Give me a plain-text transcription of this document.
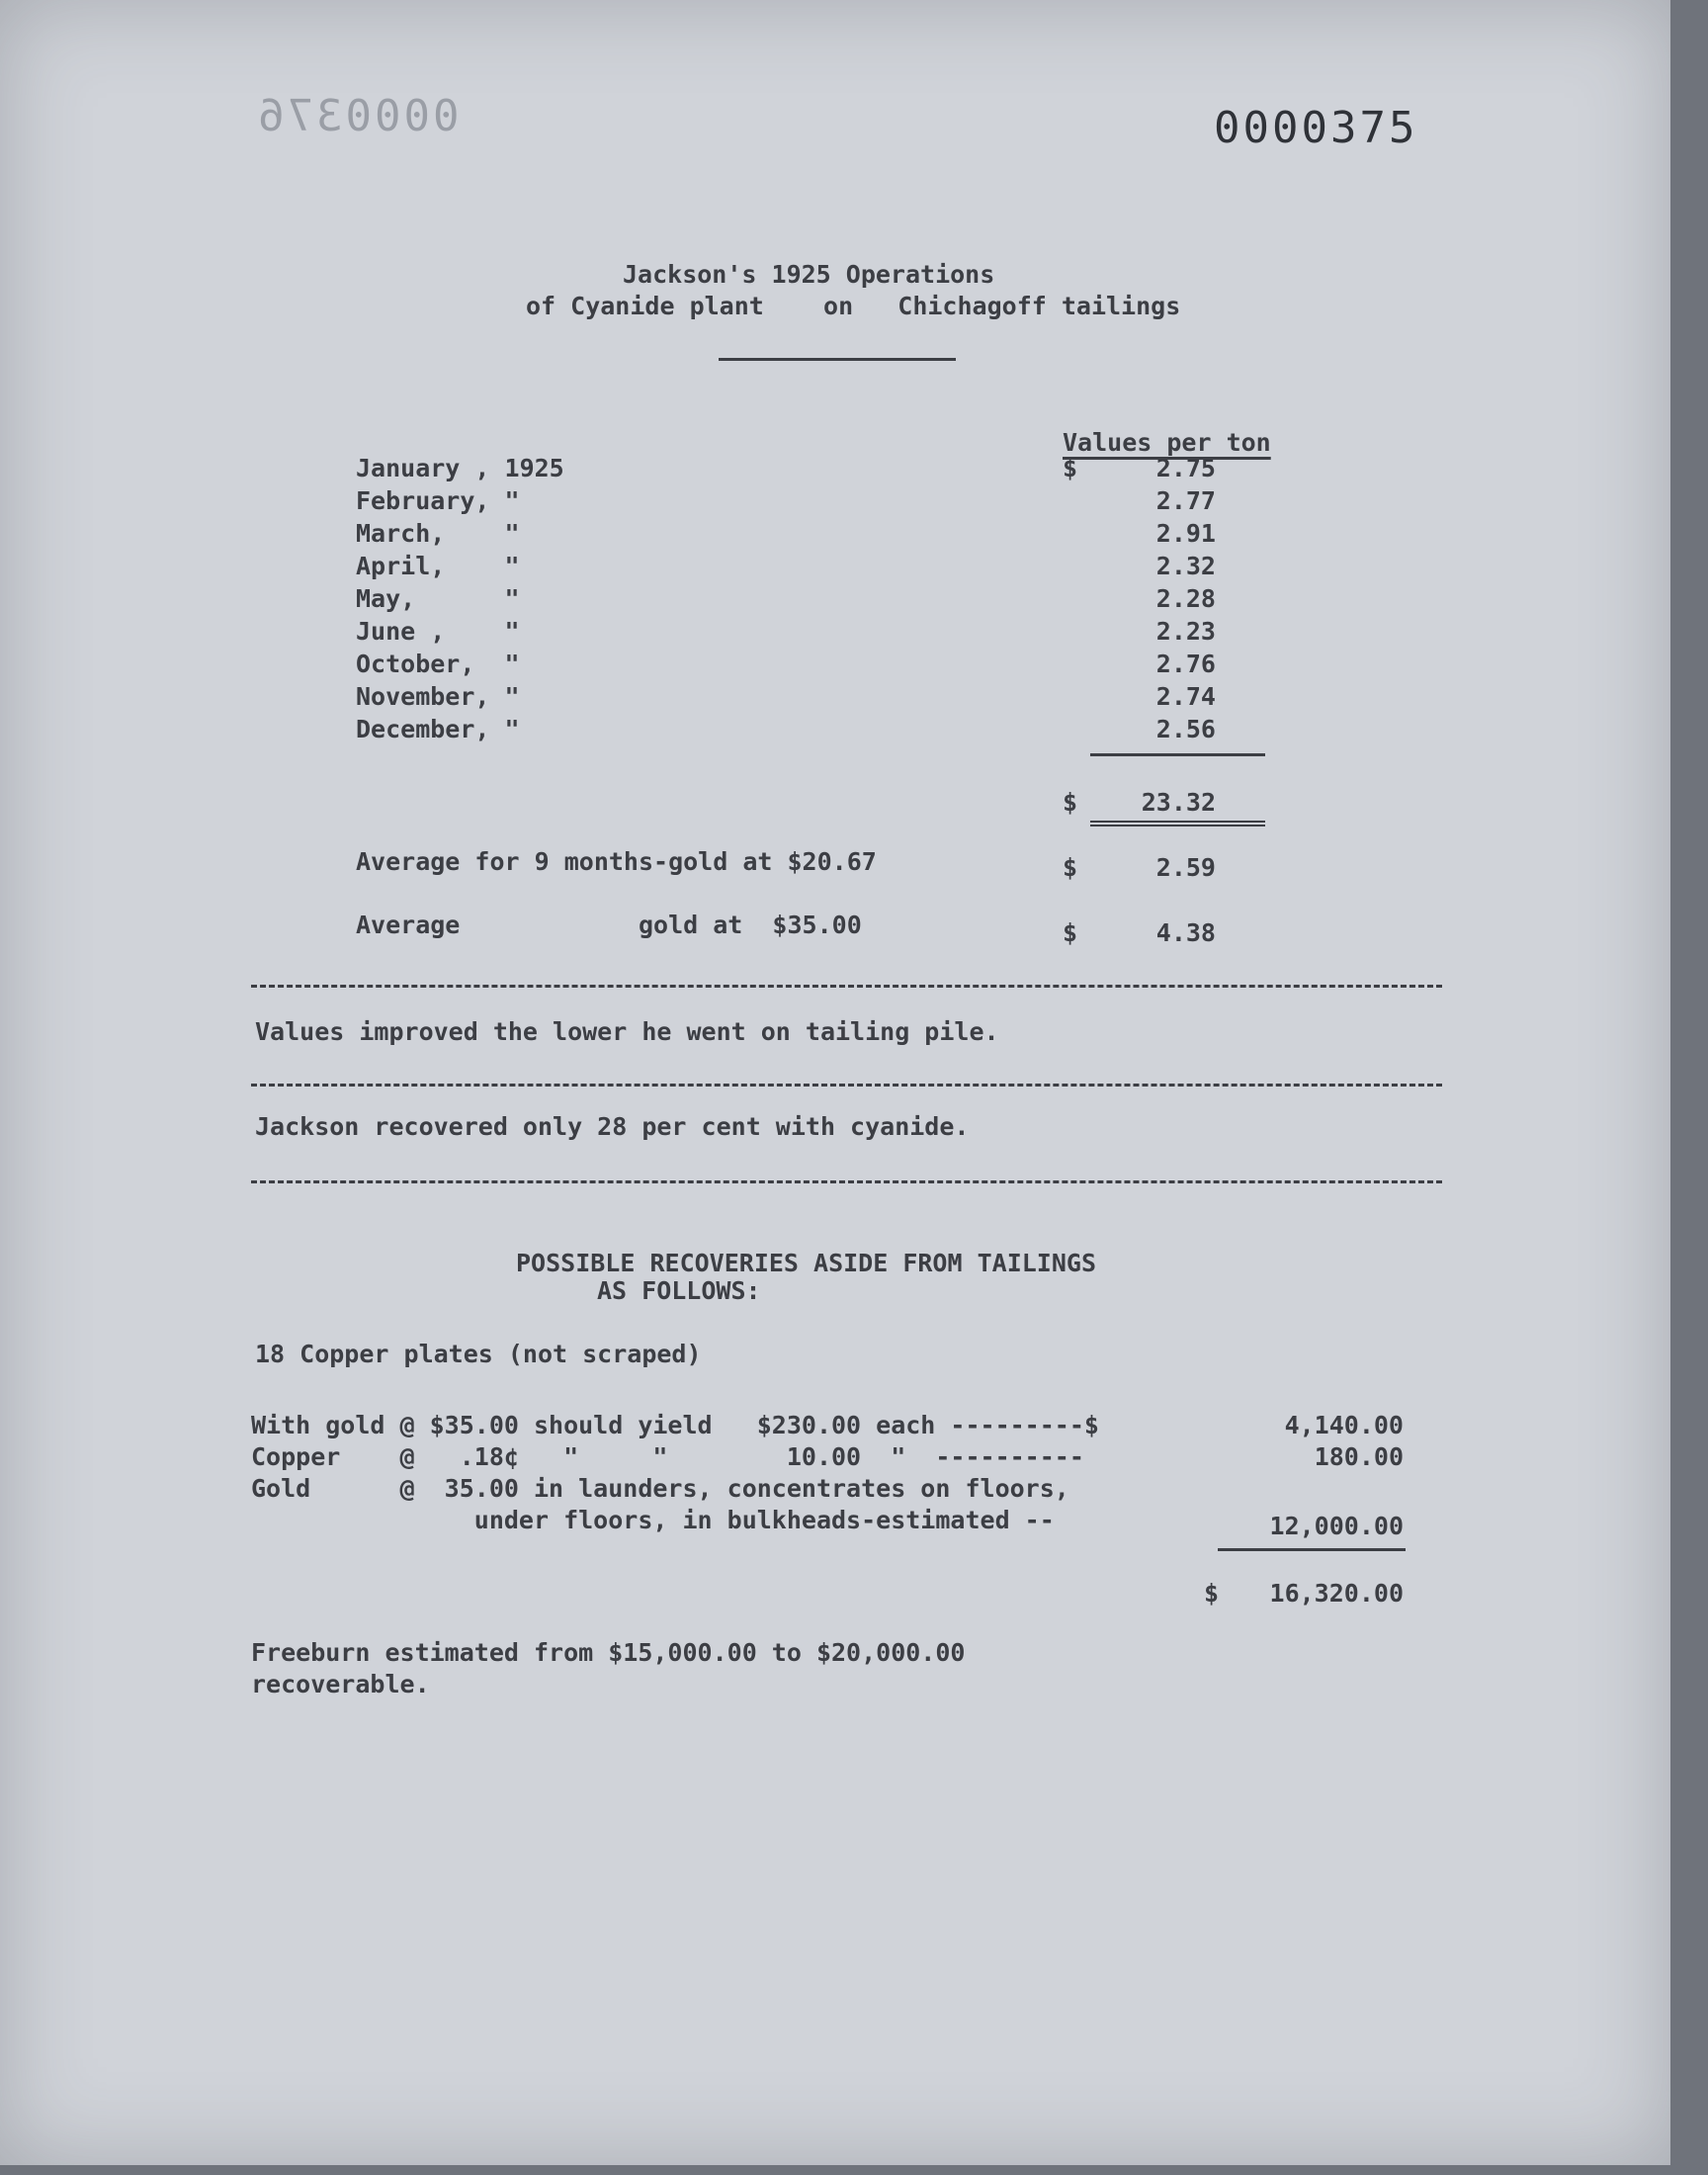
0000376	0000375
Jackson's 1925 Operations
of Cyanide plant    on   Chichagoff tailings
Values per ton
January , 1925	2.75
$
February, "	2.77
March,    "	2.91
April,    "	2.32
May,      "	2.28
June ,    "	2.23
October,  "	2.76
November, "	2.74
December, "	2.56
$	23.32
Average for 9 months-gold at $20.67	$	2.59
Average            gold at  $35.00	$	4.38
Values improved the lower he went on tailing pile.
Jackson recovered only 28 per cent with cyanide.
POSSIBLE RECOVERIES ASIDE FROM TAILINGS
AS FOLLOWS:
18 Copper plates (not scraped)
With gold @ $35.00 should yield   $230.00 each ---------$	4,140.00
Copper    @   .18¢   "     "        10.00  "  ----------	180.00
Gold      @  35.00 in launders, concentrates on floors,
under floors, in bulkheads-estimated --	12,000.00
$	16,320.00
Freeburn estimated from $15,000.00 to $20,000.00
recoverable.
